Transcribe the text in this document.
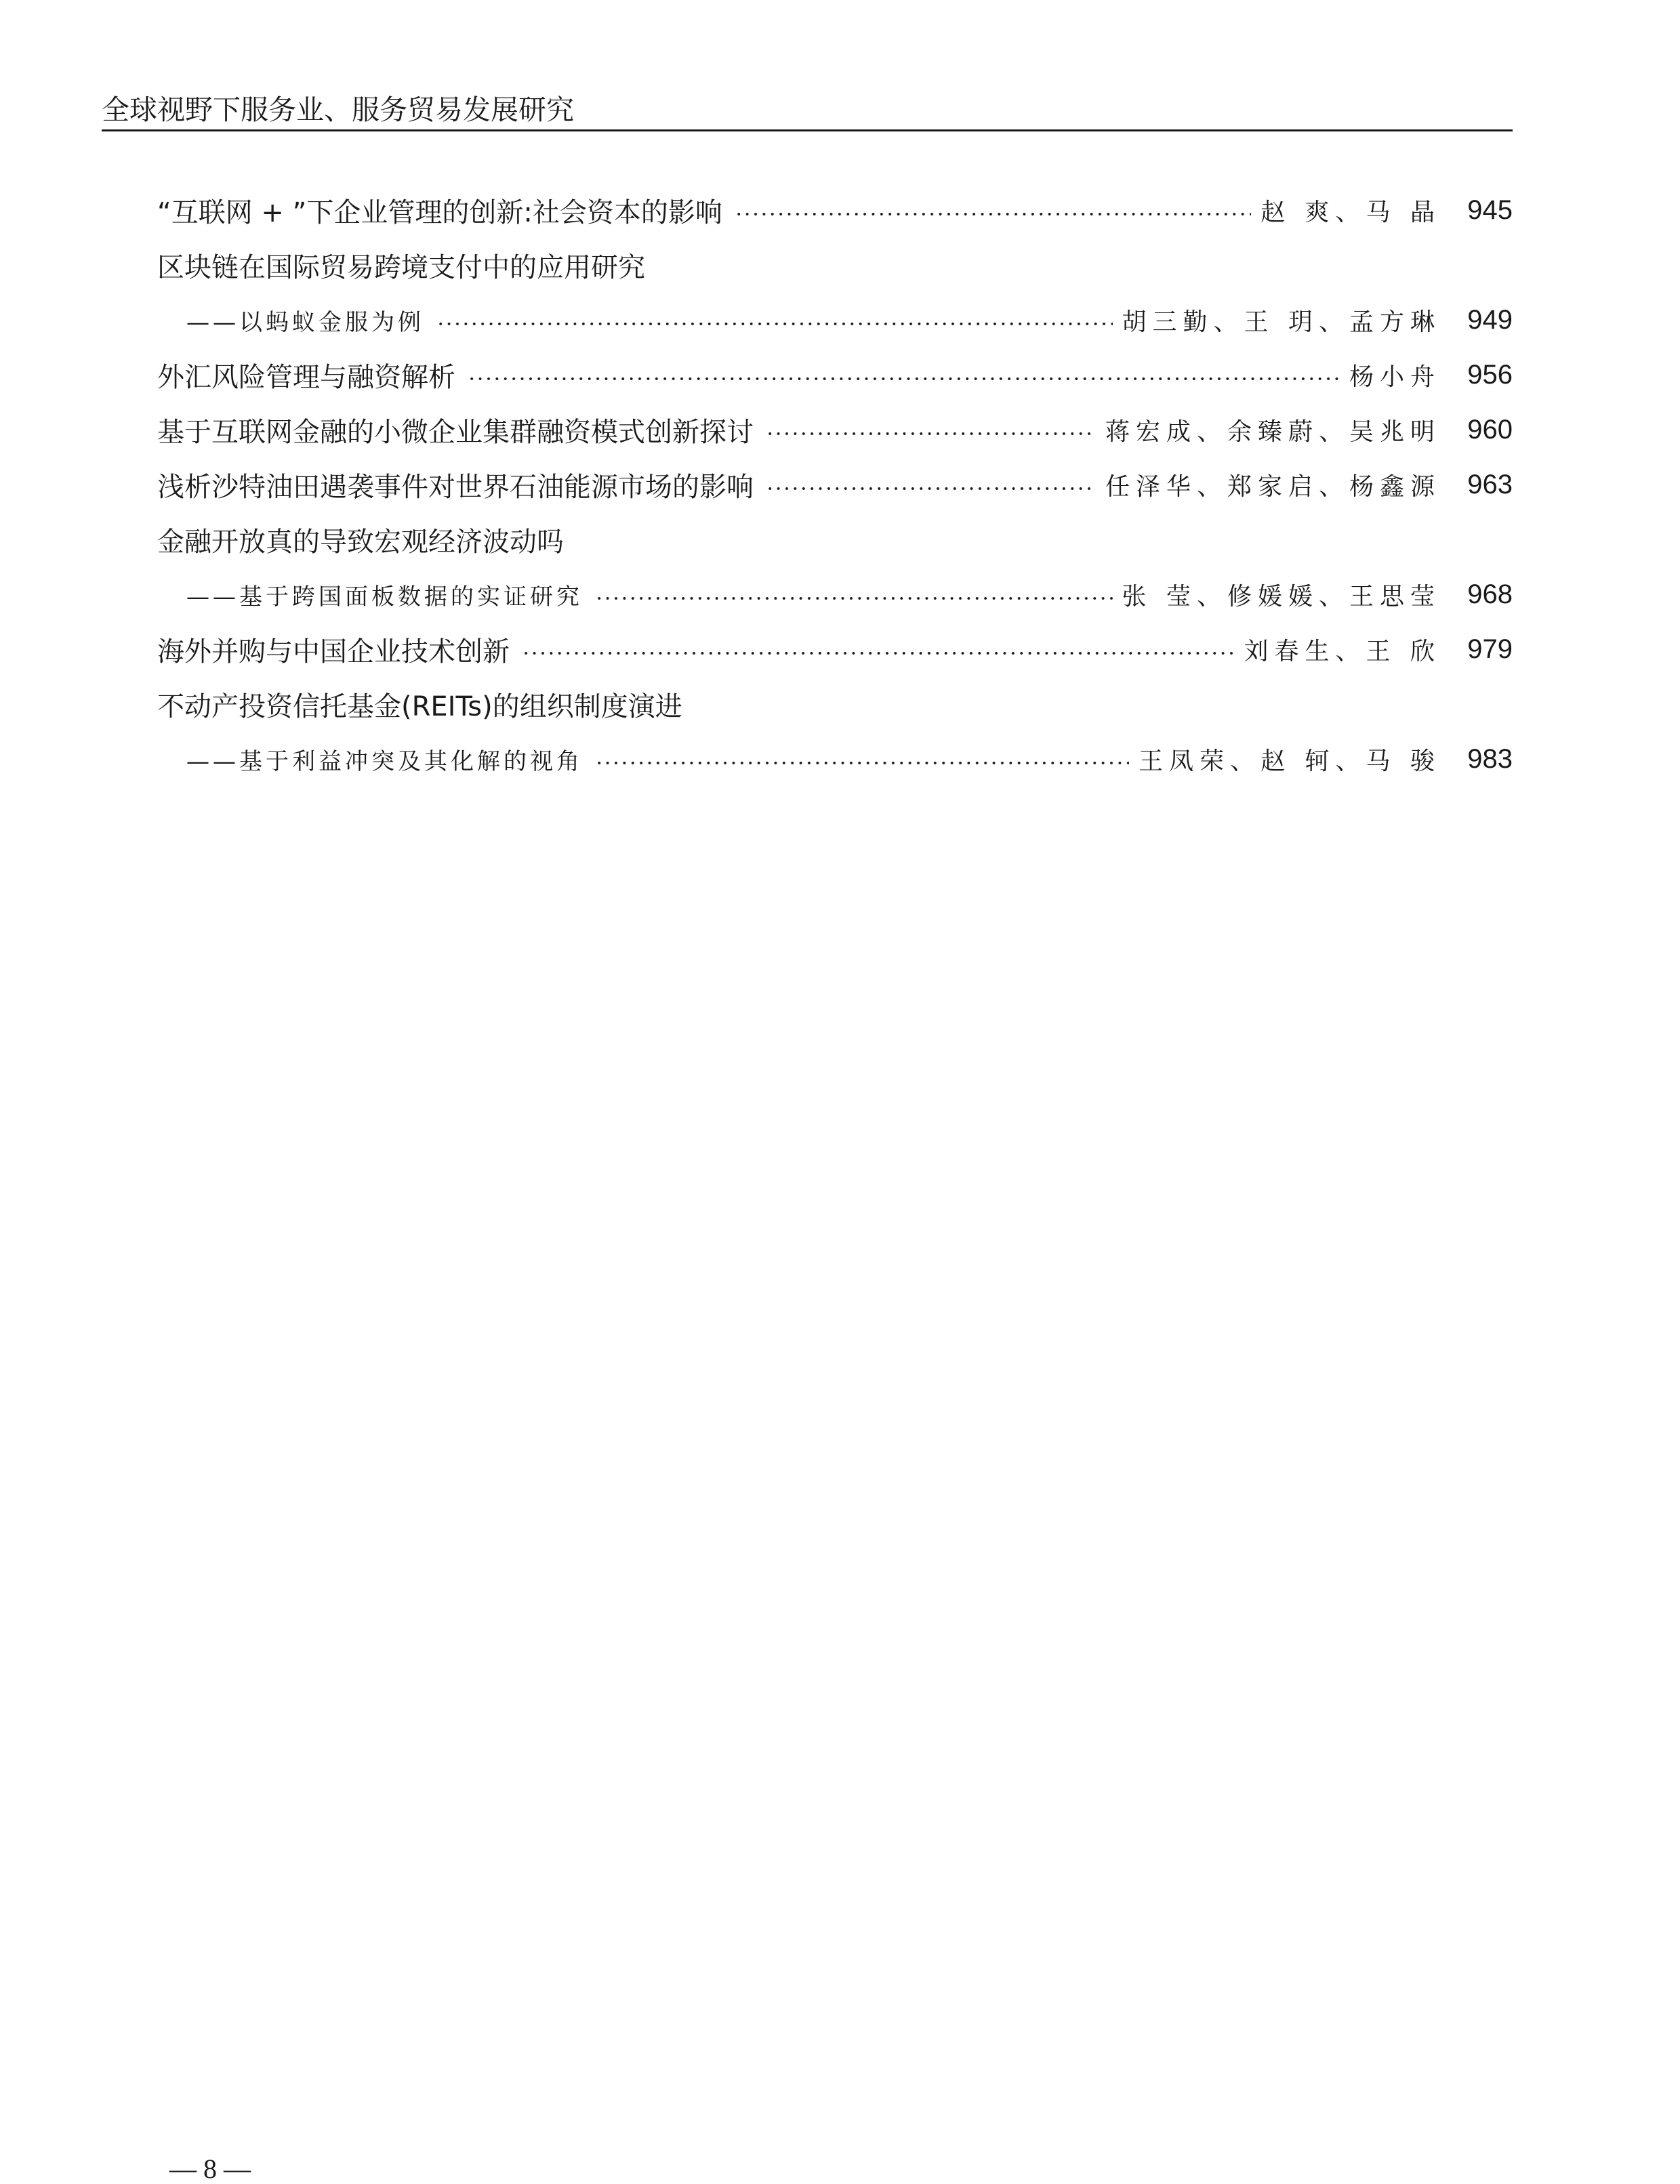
全球视野下服务业、服务贸易发展研究
“互联网 + ”下企业管理的创新:社会资本的影响	赵 爽、马 晶 945
区块链在国际贸易跨境支付中的应用研究
——以蚂蚁金服为例	胡三勤、王 玥、孟方琳 949
外汇风险管理与融资解析	杨小舟 956
基于互联网金融的小微企业集群融资模式创新探讨	蒋宏成、余臻蔚、吴兆明 960
浅析沙特油田遇袭事件对世界石油能源市场的影响	任泽华、郑家启、杨鑫源 963
金融开放真的导致宏观经济波动吗
——基于跨国面板数据的实证研究	张 莹、修媛媛、王思莹 968
海外并购与中国企业技术创新	刘春生、王 欣 979
不动产投资信托基金(REITs)的组织制度演进
——基于利益冲突及其化解的视角	王凤荣、赵 轲、马 骏 983
— 8 —
